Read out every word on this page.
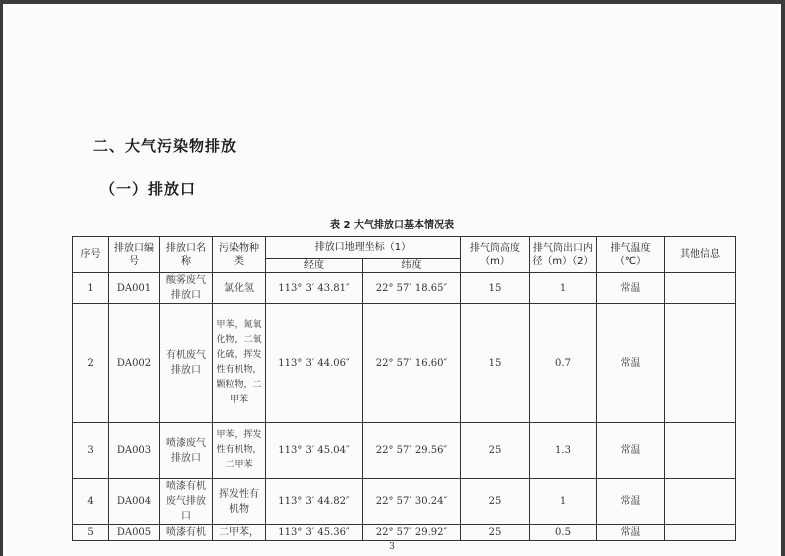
二、大气污染物排放
（一）排放口
表 2 大气排放口基本情况表
序号	排放口编号	排放口名称	污染物种类	排放口地理坐标（1）		排气筒高度（m）	排气筒出口内径（m）（2）	排气温度（℃）	其他信息
				经度	纬度				
1	DA001	酸雾废气排放口	氯化氢	113° 3′ 43.81″	22° 57′ 18.65″	15	1	常温	
2	DA002	有机废气排放口	甲苯，氮氧化物，二氧化硫，挥发性有机物，颗粒物，二甲苯	113° 3′ 44.06″	22° 57′ 16.60″	15	0.7	常温	
3	DA003	喷漆废气排放口	甲苯，挥发性有机物，二甲苯	113° 3′ 45.04″	22° 57′ 29.56″	25	1.3	常温	
4	DA004	喷漆有机废气排放口	挥发性有机物	113° 3′ 44.82″	22° 57′ 30.24″	25	1	常温	
5	DA005	喷漆有机	二甲苯，	113° 3′ 45.36″	22° 57′ 29.92″	25	0.5	常温	
3
